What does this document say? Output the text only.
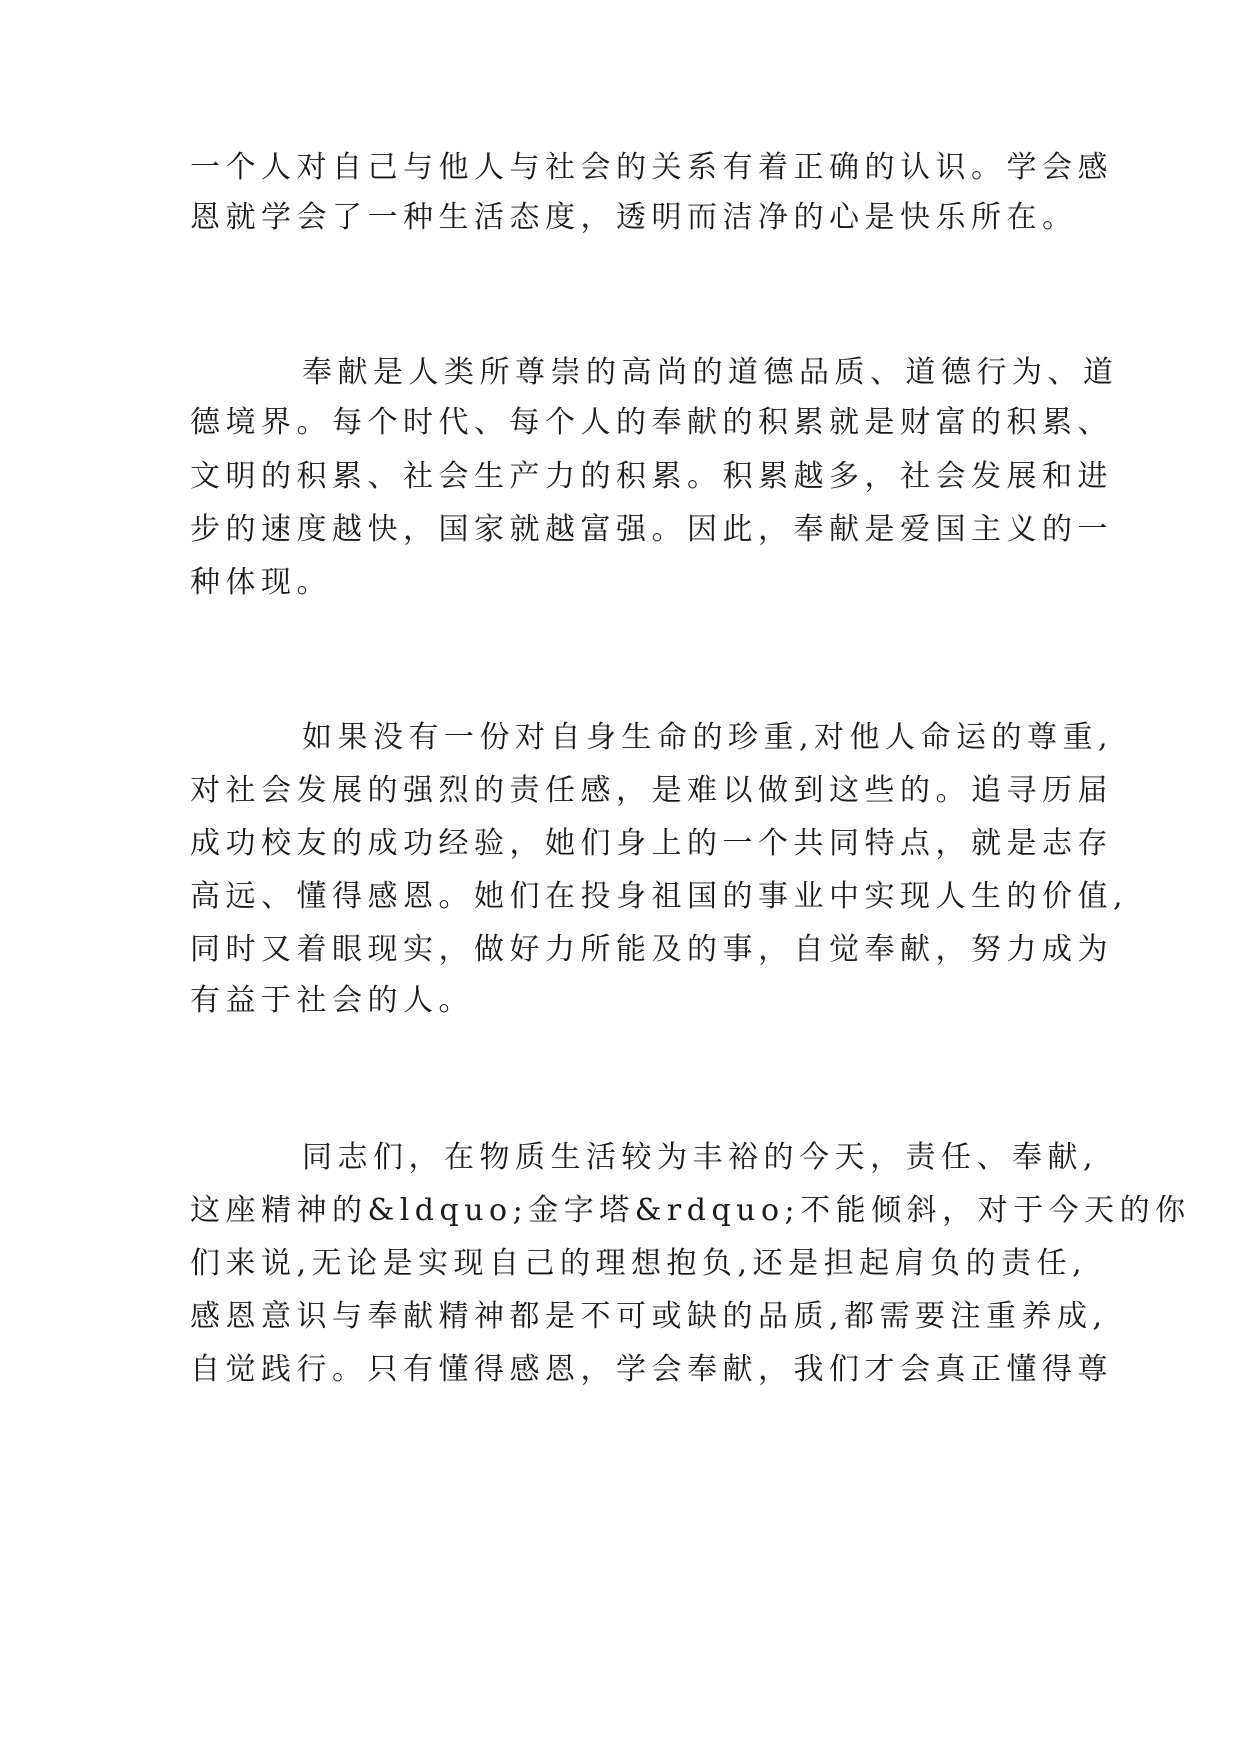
一个人对自己与他人与社会的关系有着正确的认识。学会感

恩就学会了一种生活态度，透明而洁净的心是快乐所在。

奉献是人类所尊崇的高尚的道德品质、道德行为、道

德境界。每个时代、每个人的奉献的积累就是财富的积累、

文明的积累、社会生产力的积累。积累越多，社会发展和进

步的速度越快，国家就越富强。因此，奉献是爱国主义的一

种体现。

如果没有一份对自身生命的珍重,对他人命运的尊重,

对社会发展的强烈的责任感，是难以做到这些的。追寻历届

成功校友的成功经验，她们身上的一个共同特点，就是志存

高远、懂得感恩。她们在投身祖国的事业中实现人生的价值,

同时又着眼现实，做好力所能及的事，自觉奉献，努力成为

有益于社会的人。

同志们，在物质生活较为丰裕的今天，责任、奉献,

这座精神的&ldquo;金字塔&rdquo;不能倾斜，对于今天的你

们来说,无论是实现自己的理想抱负,还是担起肩负的责任,

感恩意识与奉献精神都是不可或缺的品质,都需要注重养成,

自觉践行。只有懂得感恩，学会奉献，我们才会真正懂得尊
